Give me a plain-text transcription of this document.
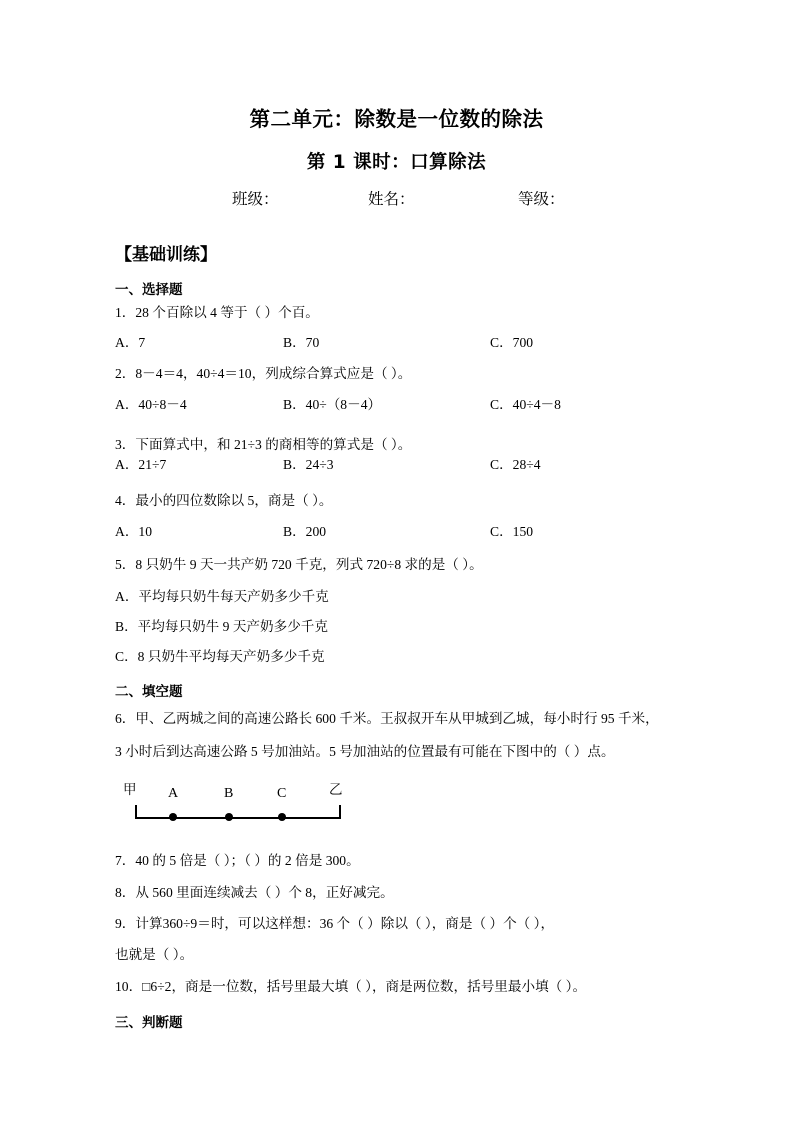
第二单元：除数是一位数的除法
第 1 课时：口算除法
班级：	姓名：	等级：
【基础训练】
一、选择题
1．28 个百除以 4 等于（ ）个百。
A．7	B．70	C．700
2．8－4＝4，40÷4＝10，列成综合算式应是（ ）。
A．40÷8－4	B．40÷（8－4）	C．40÷4－8
3．下面算式中，和 21÷3 的商相等的算式是（ ）。
A．21÷7	B．24÷3	C．28÷4
4．最小的四位数除以 5，商是（ ）。
A．10	B．200	C．150
5．8 只奶牛 9 天一共产奶 720 千克，列式 720÷8 求的是（ ）。
A．平均每只奶牛每天产奶多少千克
B．平均每只奶牛 9 天产奶多少千克
C．8 只奶牛平均每天产奶多少千克
二、填空题
6．甲、乙两城之间的高速公路长 600 千米。王叔叔开车从甲城到乙城，每小时行 95 千米，
3 小时后到达高速公路 5 号加油站。5 号加油站的位置最有可能在下图中的（ ）点。
甲	乙
A	B	C
7．40 的 5 倍是（ ）；（ ）的 2 倍是 300。
8．从 560 里面连续减去（ ）个 8，正好减完。
9．计算360÷9＝时，可以这样想：36 个（ ）除以（ ），商是（ ）个（ ），
也就是（ ）。
10．□6÷2，商是一位数，括号里最大填（ ），商是两位数，括号里最小填（ ）。
三、判断题
